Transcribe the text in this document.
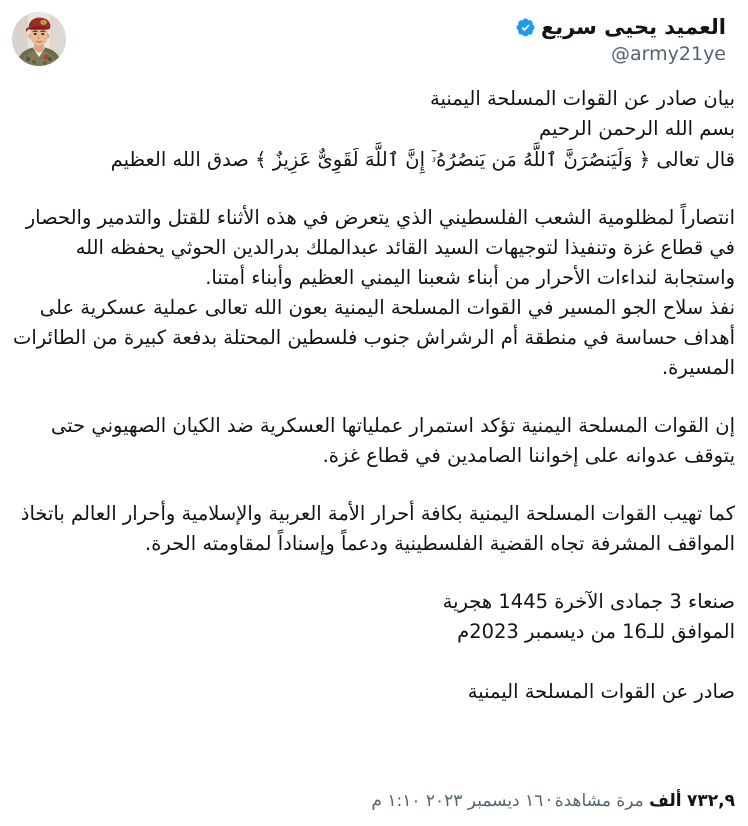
العميد يحيى سريع
@army21ye

بيان صادر عن القوات المسلحة اليمنية

بسم الله الرحمن الرحيم

قال تعالى ﴿ وَلَيَنصُرَنَّ ٱللَّهُ مَن يَنصُرُهُۥٓ إِنَّ ٱللَّهَ لَقَوِىٌّ عَزِيزٌ ﴾ صدق الله العظيم

انتصاراً لمظلومية الشعب الفلسطيني الذي يتعرض في هذه الأثناء للقتل والتدمير والحصار في قطاع غزة وتنفيذا لتوجيهات السيد القائد عبدالملك بدرالدين الحوثي يحفظه الله واستجابة لنداءات الأحرار من أبناء شعبنا اليمني العظيم وأبناء أمتنا.

نفذ سلاح الجو المسير في القوات المسلحة اليمنية بعون الله تعالى عملية عسكرية على أهداف حساسة في منطقة أم الرشراش جنوب فلسطين المحتلة بدفعة كبيرة من الطائرات المسيرة.

إن القوات المسلحة اليمنية تؤكد استمرار عملياتها العسكرية ضد الكيان الصهيوني حتى يتوقف عدوانه على إخواننا الصامدين في قطاع غزة.

كما تهيب القوات المسلحة اليمنية بكافة أحرار الأمة العربية والإسلامية وأحرار العالم باتخاذ المواقف المشرفة تجاه القضية الفلسطينية ودعماً وإسناداً لمقاومته الحرة.

صنعاء 3 جمادى الآخرة 1445 هجرية

الموافق للـ16 من ديسمبر 2023م

صادر عن القوات المسلحة اليمنية

٧٣٢,٩ ألف مرة مشاهدة·١٦ ديسمبر ٢٠٢٣ ١:١٠ م
